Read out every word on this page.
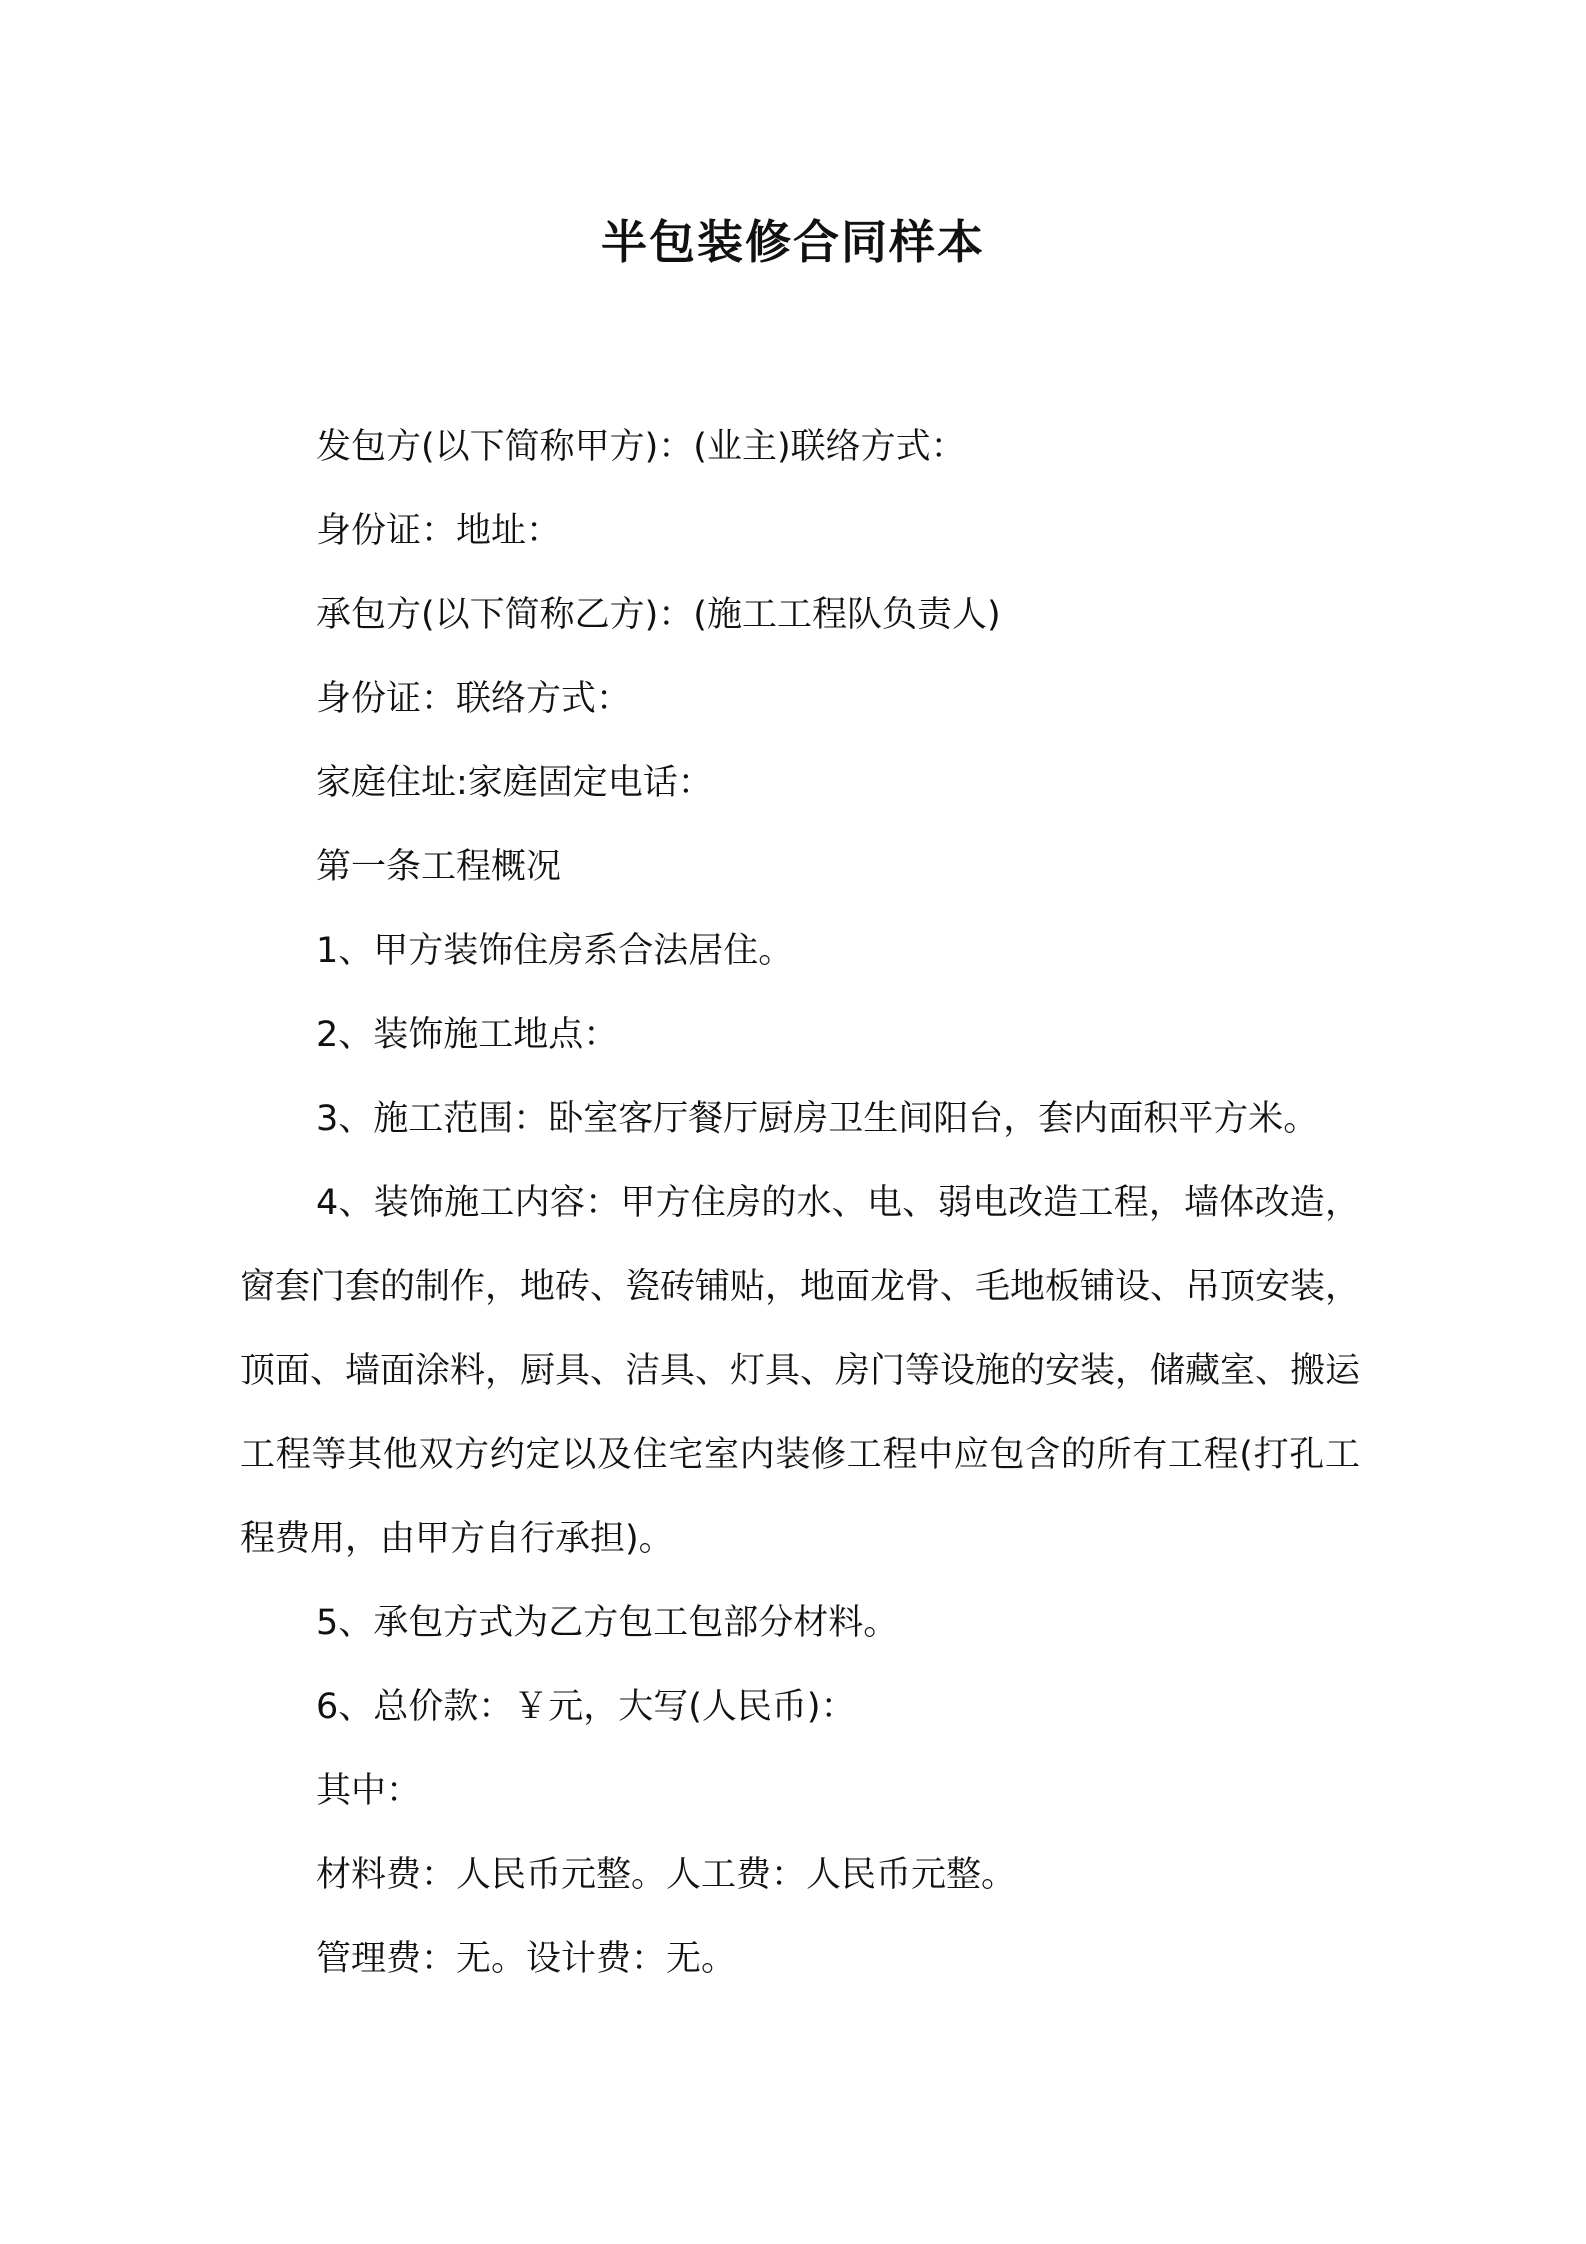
半包装修合同样本

发包方(以下简称甲方)：(业主)联络方式：

身份证：地址：

承包方(以下简称乙方)：(施工工程队负责人)

身份证：联络方式：

家庭住址:家庭固定电话：

第一条工程概况

1、甲方装饰住房系合法居住。

2、装饰施工地点：

3、施工范围：卧室客厅餐厅厨房卫生间阳台，套内面积平方米。

4、装饰施工内容：甲方住房的水、电、弱电改造工程，墙体改造，窗套门套的制作，地砖、瓷砖铺贴，地面龙骨、毛地板铺设、吊顶安装，顶面、墙面涂料，厨具、洁具、灯具、房门等设施的安装，储藏室、搬运工程等其他双方约定以及住宅室内装修工程中应包含的所有工程(打孔工程费用，由甲方自行承担)。

5、承包方式为乙方包工包部分材料。

6、总价款：￥元，大写(人民币)：

其中：

材料费：人民币元整。人工费：人民币元整。

管理费：无。设计费：无。
